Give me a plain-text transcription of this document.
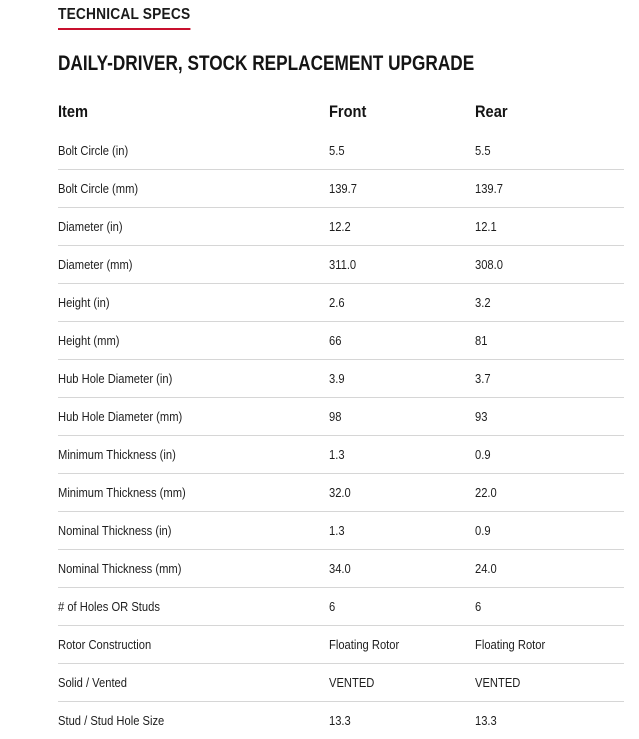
TECHNICAL SPECS
DAILY-DRIVER, STOCK REPLACEMENT UPGRADE
Item	Front	Rear
Bolt Circle (in)	5.5	5.5
Bolt Circle (mm)	139.7	139.7
Diameter (in)	12.2	12.1
Diameter (mm)	311.0	308.0
Height (in)	2.6	3.2
Height (mm)	66	81
Hub Hole Diameter (in)	3.9	3.7
Hub Hole Diameter (mm)	98	93
Minimum Thickness (in)	1.3	0.9
Minimum Thickness (mm)	32.0	22.0
Nominal Thickness (in)	1.3	0.9
Nominal Thickness (mm)	34.0	24.0
# of Holes OR Studs	6	6
Rotor Construction	Floating Rotor	Floating Rotor
Solid / Vented	VENTED	VENTED
Stud / Stud Hole Size	13.3	13.3
